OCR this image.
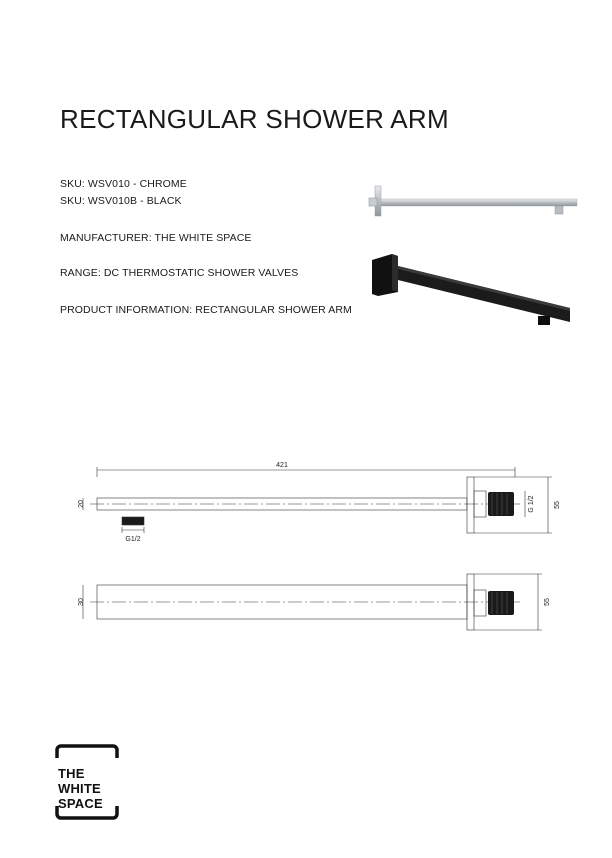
RECTANGULAR SHOWER ARM
SKU: WSV010 - CHROME
SKU: WSV010B - BLACK
MANUFACTURER: THE WHITE SPACE
RANGE: DC THERMOSTATIC SHOWER VALVES
PRODUCT INFORMATION: RECTANGULAR SHOWER ARM
421
20
G1/2
G 1/2	55
30	55
THE
WHITE
SPACE
